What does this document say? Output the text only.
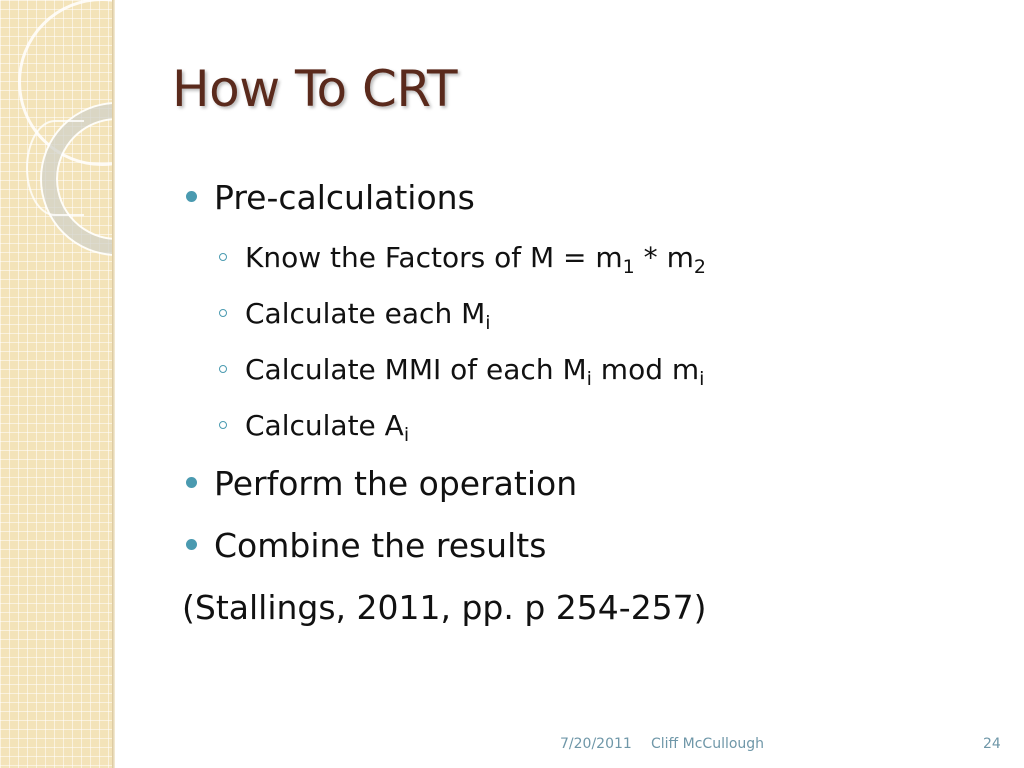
How To CRT
Pre-calculations
Know the Factors of $M = m_1 * m_2$
Calculate each $M_i$
Calculate MMI of each $M_i$ mod $m_i$
Calculate $A_i$
Perform the operation
Combine the results
(Stallings, 2011, pp. p 254-257)
7/20/2011 Cliff McCullough	24
